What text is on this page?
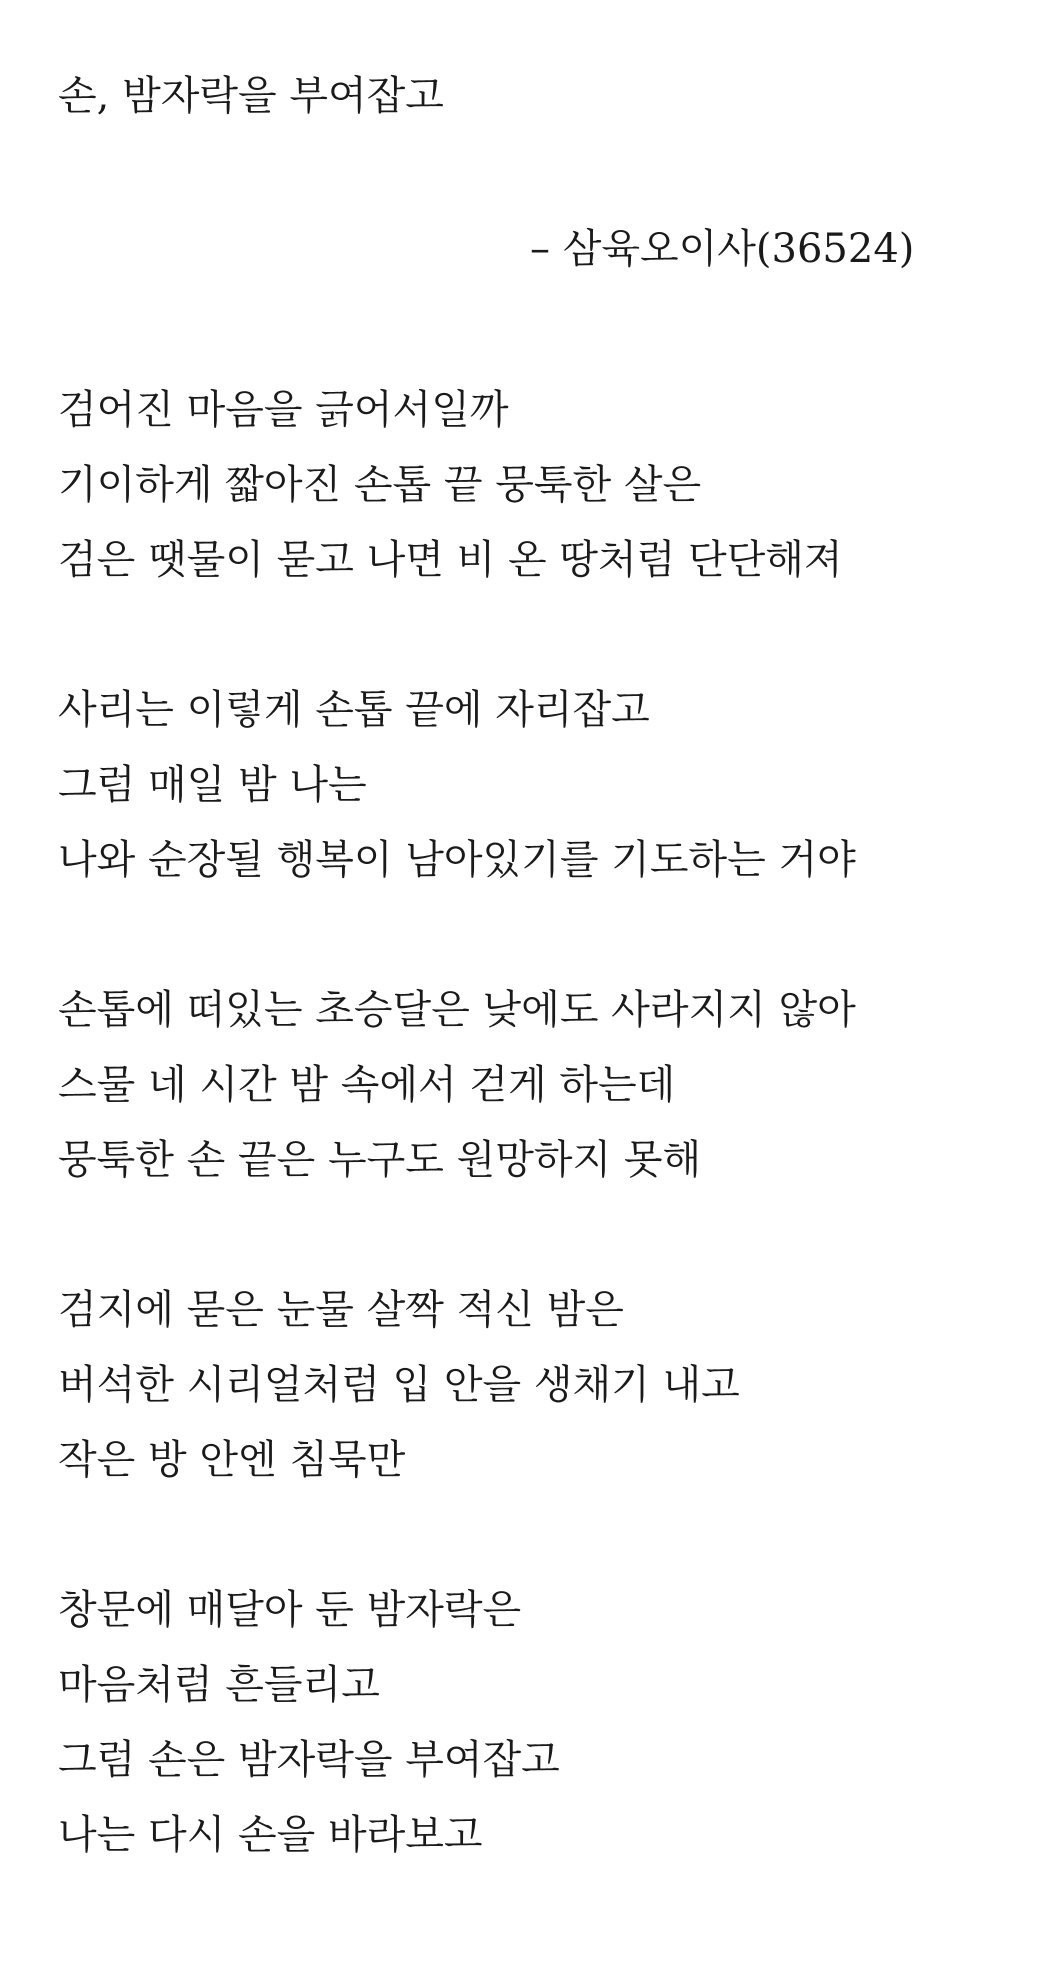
손, 밤자락을 부여잡고
– 삼육오이사(36524)
검어진 마음을 긁어서일까
기이하게 짧아진 손톱 끝 뭉툭한 살은
검은 땟물이 묻고 나면 비 온 땅처럼 단단해져
사리는 이렇게 손톱 끝에 자리잡고
그럼 매일 밤 나는
나와 순장될 행복이 남아있기를 기도하는 거야
손톱에 떠있는 초승달은 낮에도 사라지지 않아
스물 네 시간 밤 속에서 걷게 하는데
뭉툭한 손 끝은 누구도 원망하지 못해
검지에 묻은 눈물 살짝 적신 밤은
버석한 시리얼처럼 입 안을 생채기 내고
작은 방 안엔 침묵만
창문에 매달아 둔 밤자락은
마음처럼 흔들리고
그럼 손은 밤자락을 부여잡고
나는 다시 손을 바라보고
